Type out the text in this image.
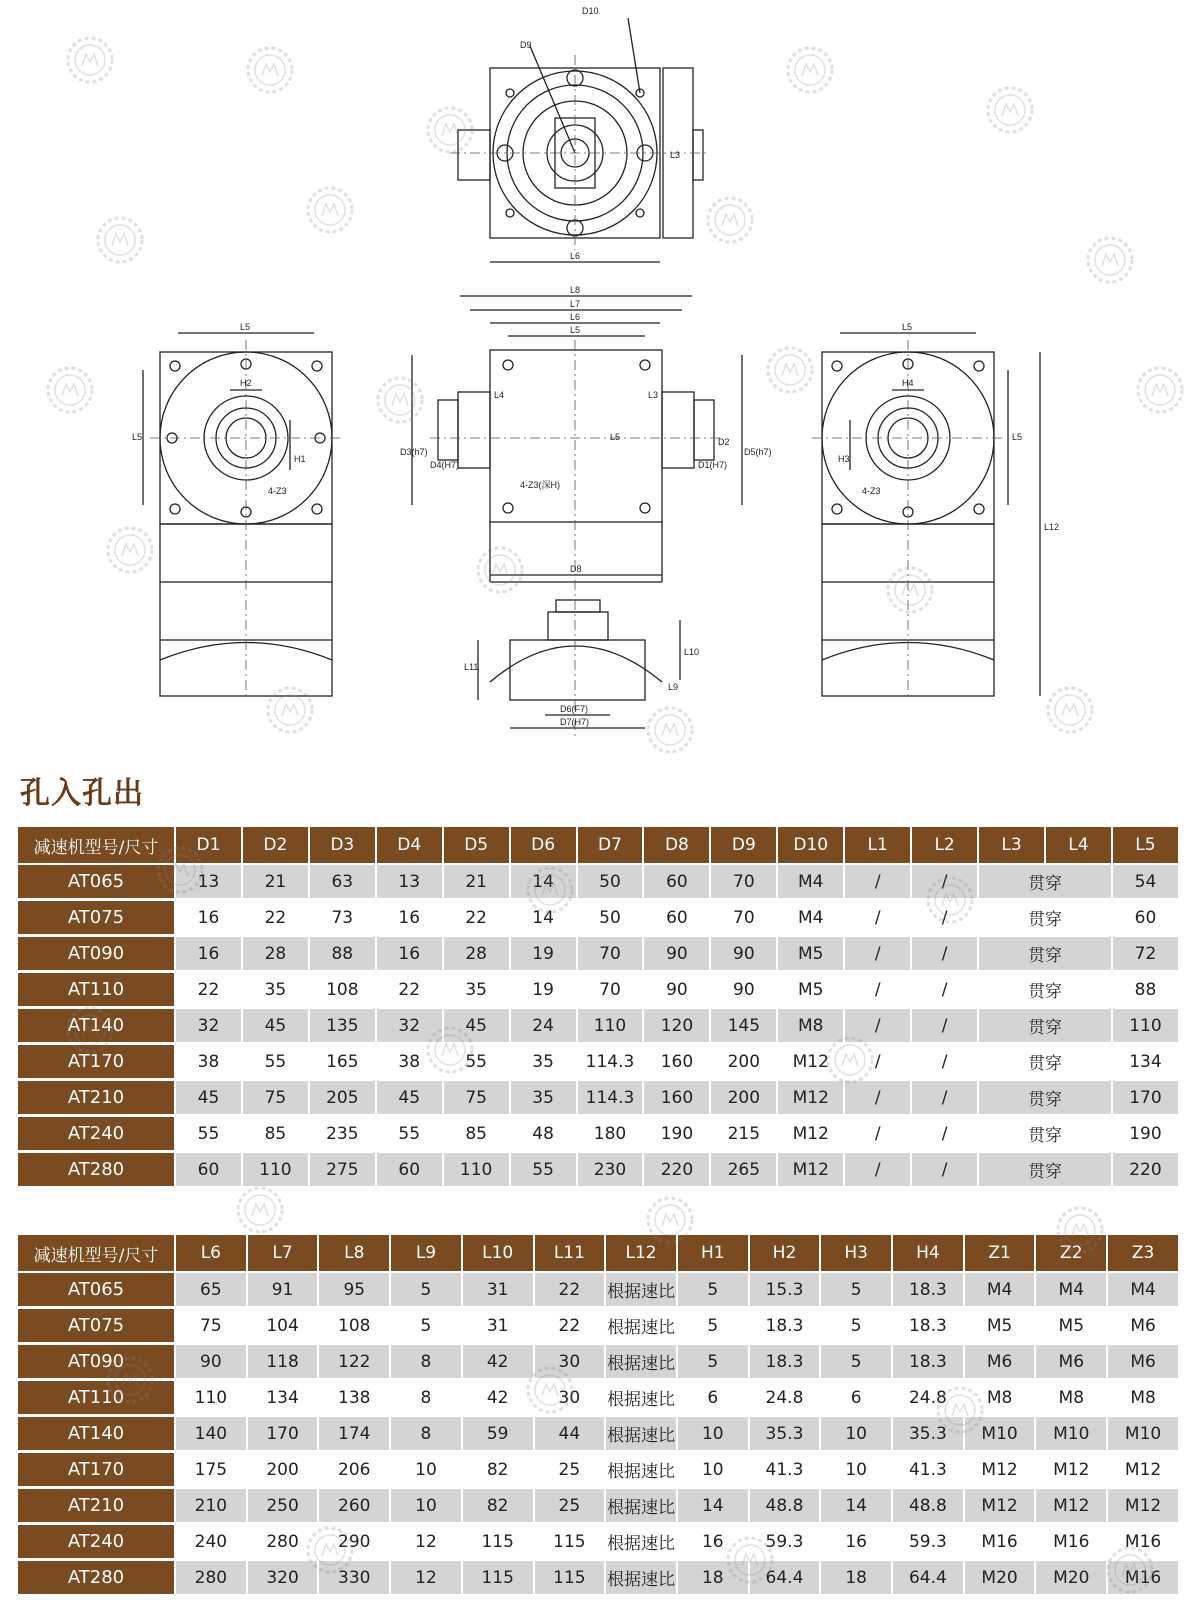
D10
D9
L3
L6
L5
L5
H2
H1
4-Z3
L8
L7
L6
L5
L4	L3
D3(h7)
D4(H7)	D1(H7)
D2
D5(h7)
L5
4-Z3(深H)
D8
L11
L10
L9
D6(F7)
D7(H7)
L5
H4
H3
4-Z3
L12
L5
孔入孔出
减速机型号/尺寸	D1	D2	D3	D4	D5	D6	D7	D8	D9	D10	L1	L2	L3	L4	L5
AT065	13	21	63	13	21	14	50	60	70	M4	/	/	贯穿		54
AT075	16	22	73	16	22	14	50	60	70	M4	/	/	贯穿		60
AT090	16	28	88	16	28	19	70	90	90	M5	/	/	贯穿		72
AT110	22	35	108	22	35	19	70	90	90	M5	/	/	贯穿		88
AT140	32	45	135	32	45	24	110	120	145	M8	/	/	贯穿		110
AT170	38	55	165	38	55	35	114.3	160	200	M12	/	/	贯穿		134
AT210	45	75	205	45	75	35	114.3	160	200	M12	/	/	贯穿		170
AT240	55	85	235	55	85	48	180	190	215	M12	/	/	贯穿		190
AT280	60	110	275	60	110	55	230	220	265	M12	/	/	贯穿		220
减速机型号/尺寸	L6	L7	L8	L9	L10	L11	L12	H1	H2	H3	H4	Z1	Z2	Z3
AT065	65	91	95	5	31	22	根据速比	5	15.3	5	18.3	M4	M4	M4
AT075	75	104	108	5	31	22	根据速比	5	18.3	5	18.3	M5	M5	M6
AT090	90	118	122	8	42	30	根据速比	5	18.3	5	18.3	M6	M6	M6
AT110	110	134	138	8	42	30	根据速比	6	24.8	6	24.8	M8	M8	M8
AT140	140	170	174	8	59	44	根据速比	10	35.3	10	35.3	M10	M10	M10
AT170	175	200	206	10	82	25	根据速比	10	41.3	10	41.3	M12	M12	M12
AT210	210	250	260	10	82	25	根据速比	14	48.8	14	48.8	M12	M12	M12
AT240	240	280	290	12	115	115	根据速比	16	59.3	16	59.3	M16	M16	M16
AT280	280	320	330	12	115	115	根据速比	18	64.4	18	64.4	M20	M20	M16
